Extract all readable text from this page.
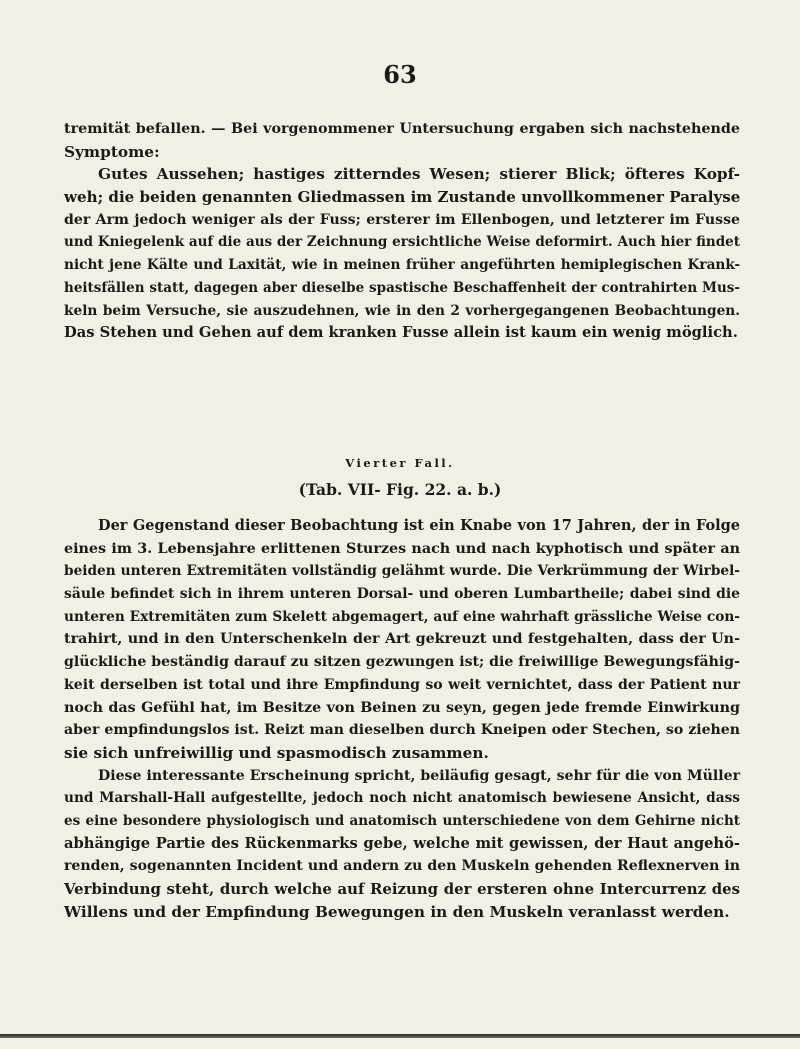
63
tremität befallen. — Bei vorgenommener Untersuchung ergaben sich nachstehende
Symptome:
Gutes Aussehen; hastiges zitterndes Wesen; stierer Blick; öfteres Kopf-
weh; die beiden genannten Gliedmassen im Zustande unvollkommener Paralyse
der Arm jedoch weniger als der Fuss; ersterer im Ellenbogen, und letzterer im Fusse
und Kniegelenk auf die aus der Zeichnung ersichtliche Weise deformirt. Auch hier findet
nicht jene Kälte und Laxität, wie in meinen früher angeführten hemiplegischen Krank-
heitsfällen statt, dagegen aber dieselbe spastische Beschaffenheit der contrahirten Mus-
keln beim Versuche, sie auszudehnen, wie in den 2 vorhergegangenen Beobachtungen.
Das Stehen und Gehen auf dem kranken Fusse allein ist kaum ein wenig möglich.
Vierter Fall.
(Tab. VII- Fig. 22. a. b.)
Der Gegenstand dieser Beobachtung ist ein Knabe von 17 Jahren, der in Folge
eines im 3. Lebensjahre erlittenen Sturzes nach und nach kyphotisch und später an
beiden unteren Extremitäten vollständig gelähmt wurde. Die Verkrümmung der Wirbel-
säule befindet sich in ihrem unteren Dorsal- und oberen Lumbartheile; dabei sind die
unteren Extremitäten zum Skelett abgemagert, auf eine wahrhaft grässliche Weise con-
trahirt, und in den Unterschenkeln der Art gekreuzt und festgehalten, dass der Un-
glückliche beständig darauf zu sitzen gezwungen ist; die freiwillige Bewegungsfähig-
keit derselben ist total und ihre Empfindung so weit vernichtet, dass der Patient nur
noch das Gefühl hat, im Besitze von Beinen zu seyn, gegen jede fremde Einwirkung
aber empfindungslos ist. Reizt man dieselben durch Kneipen oder Stechen, so ziehen
sie sich unfreiwillig und spasmodisch zusammen.
Diese interessante Erscheinung spricht, beiläufig gesagt, sehr für die von Müller
und Marshall-Hall aufgestellte, jedoch noch nicht anatomisch bewiesene Ansicht, dass
es eine besondere physiologisch und anatomisch unterschiedene von dem Gehirne nicht
abhängige Partie des Rückenmarks gebe, welche mit gewissen, der Haut angehö-
renden, sogenannten Incident und andern zu den Muskeln gehenden Reflexnerven in
Verbindung steht, durch welche auf Reizung der ersteren ohne Intercurrenz des
Willens und der Empfindung Bewegungen in den Muskeln veranlasst werden.
